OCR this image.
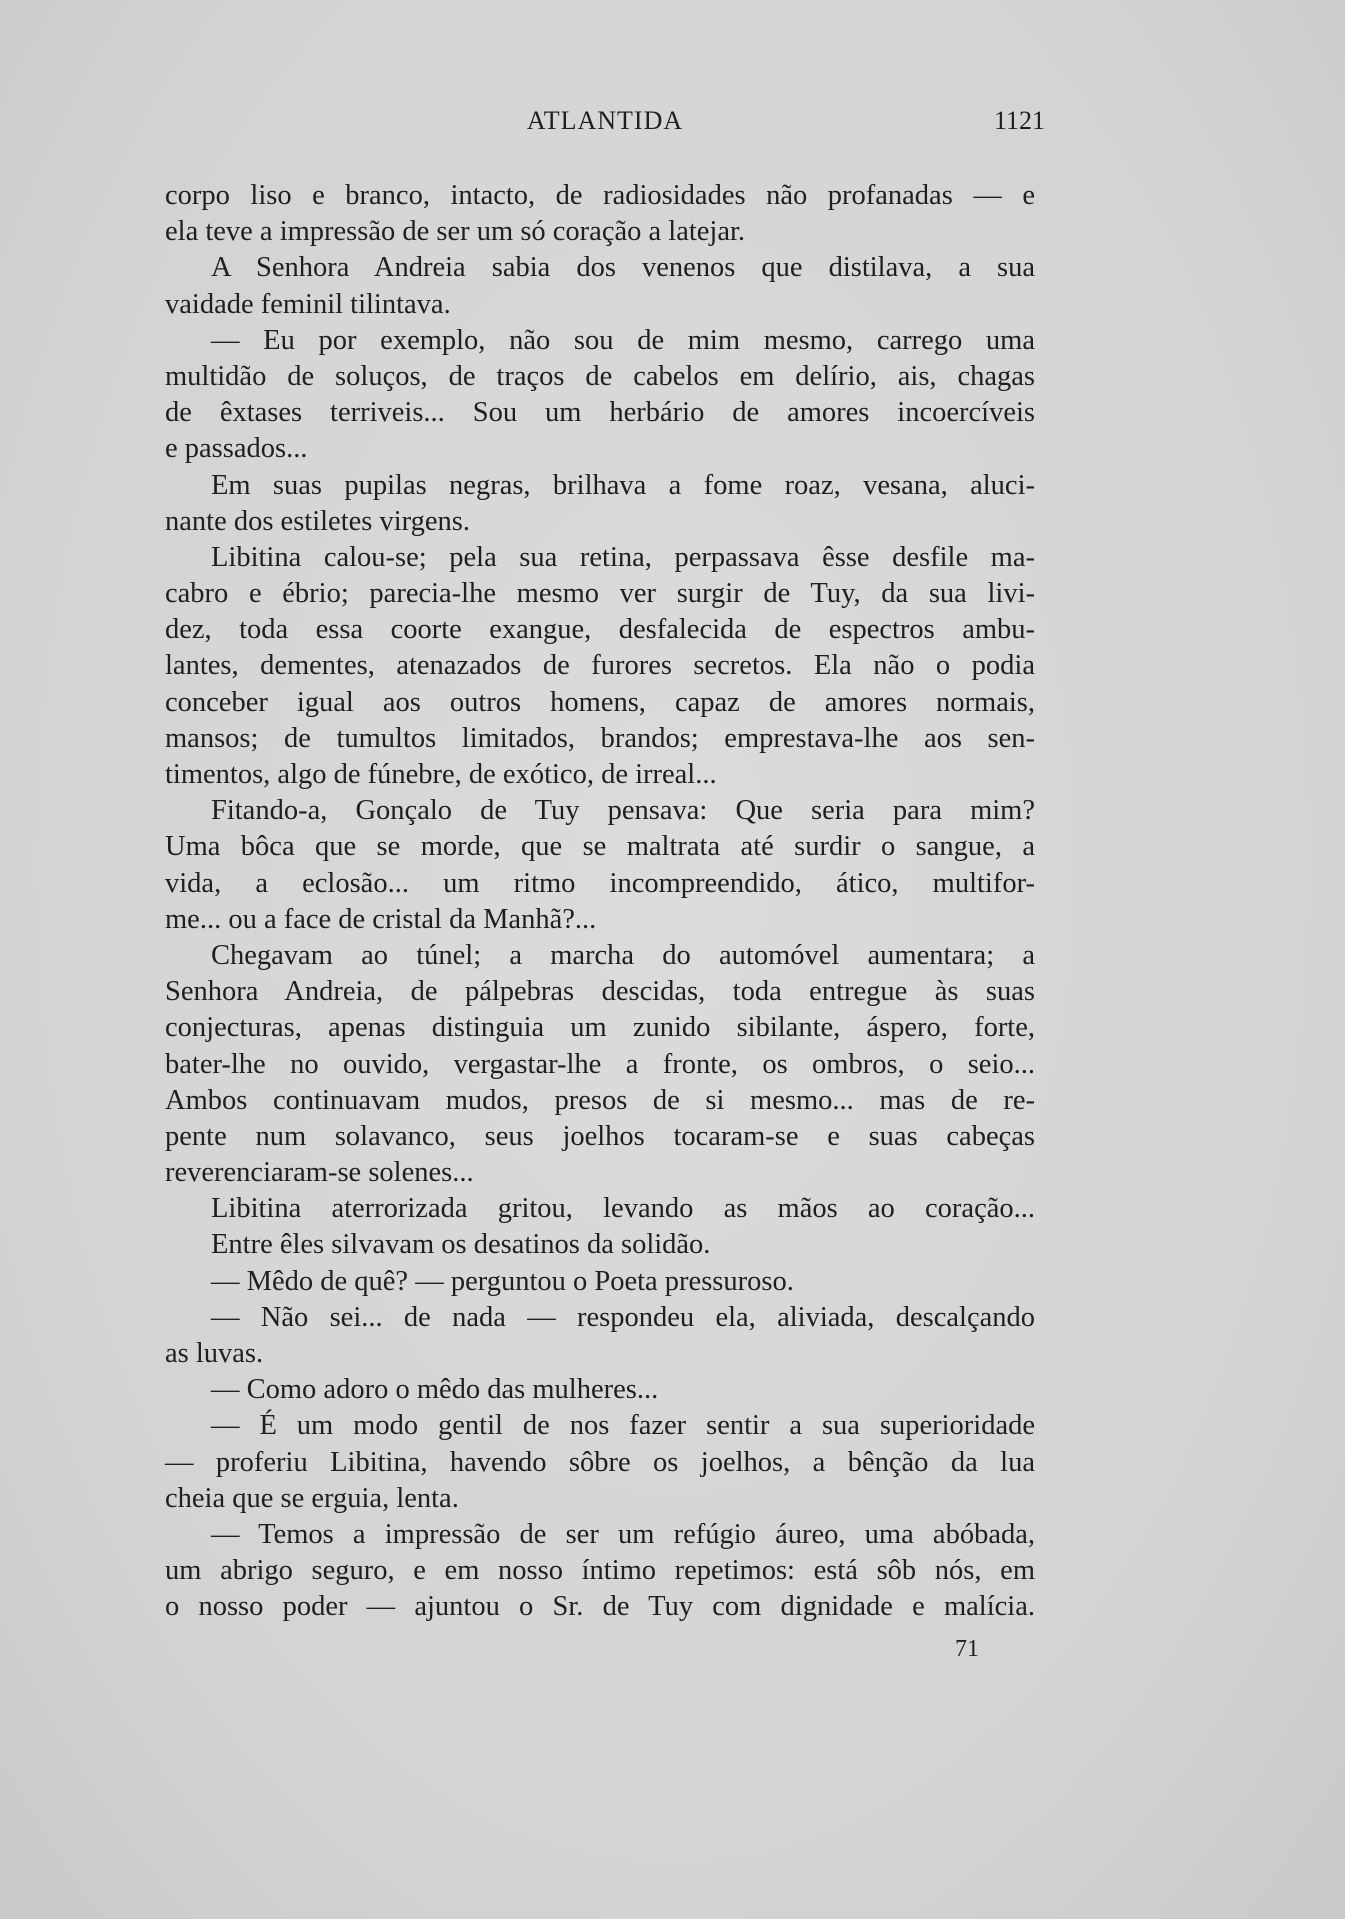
ATLANTIDA	1121
corpo liso e branco, intacto, de radiosidades não profanadas — e
ela teve a impressão de ser um só coração a latejar.
A Senhora Andreia sabia dos venenos que distilava, a sua
vaidade feminil tilintava.
— Eu por exemplo, não sou de mim mesmo, carrego uma
multidão de soluços, de traços de cabelos em delírio, ais, chagas
de êxtases terriveis... Sou um herbário de amores incoercíveis
e passados...
Em suas pupilas negras, brilhava a fome roaz, vesana, aluci-
nante dos estiletes virgens.
Libitina calou-se; pela sua retina, perpassava êsse desfile ma-
cabro e ébrio; parecia-lhe mesmo ver surgir de Tuy, da sua livi-
dez, toda essa coorte exangue, desfalecida de espectros ambu-
lantes, dementes, atenazados de furores secretos. Ela não o podia
conceber igual aos outros homens, capaz de amores normais,
mansos; de tumultos limitados, brandos; emprestava-lhe aos sen-
timentos, algo de fúnebre, de exótico, de irreal...
Fitando-a, Gonçalo de Tuy pensava: Que seria para mim?
Uma bôca que se morde, que se maltrata até surdir o sangue, a
vida, a eclosão... um ritmo incompreendido, ático, multifor-
me... ou a face de cristal da Manhã?...
Chegavam ao túnel; a marcha do automóvel aumentara; a
Senhora Andreia, de pálpebras descidas, toda entregue às suas
conjecturas, apenas distinguia um zunido sibilante, áspero, forte,
bater-lhe no ouvido, vergastar-lhe a fronte, os ombros, o seio...
Ambos continuavam mudos, presos de si mesmo... mas de re-
pente num solavanco, seus joelhos tocaram-se e suas cabeças
reverenciaram-se solenes...
Libitina aterrorizada gritou, levando as mãos ao coração...
Entre êles silvavam os desatinos da solidão.
— Mêdo de quê? — perguntou o Poeta pressuroso.
— Não sei... de nada — respondeu ela, aliviada, descalçando
as luvas.
— Como adoro o mêdo das mulheres...
— É um modo gentil de nos fazer sentir a sua superioridade
— proferiu Libitina, havendo sôbre os joelhos, a bênção da lua
cheia que se erguia, lenta.
— Temos a impressão de ser um refúgio áureo, uma abóbada,
um abrigo seguro, e em nosso íntimo repetimos: está sôb nós, em
o nosso poder — ajuntou o Sr. de Tuy com dignidade e malícia.
71
